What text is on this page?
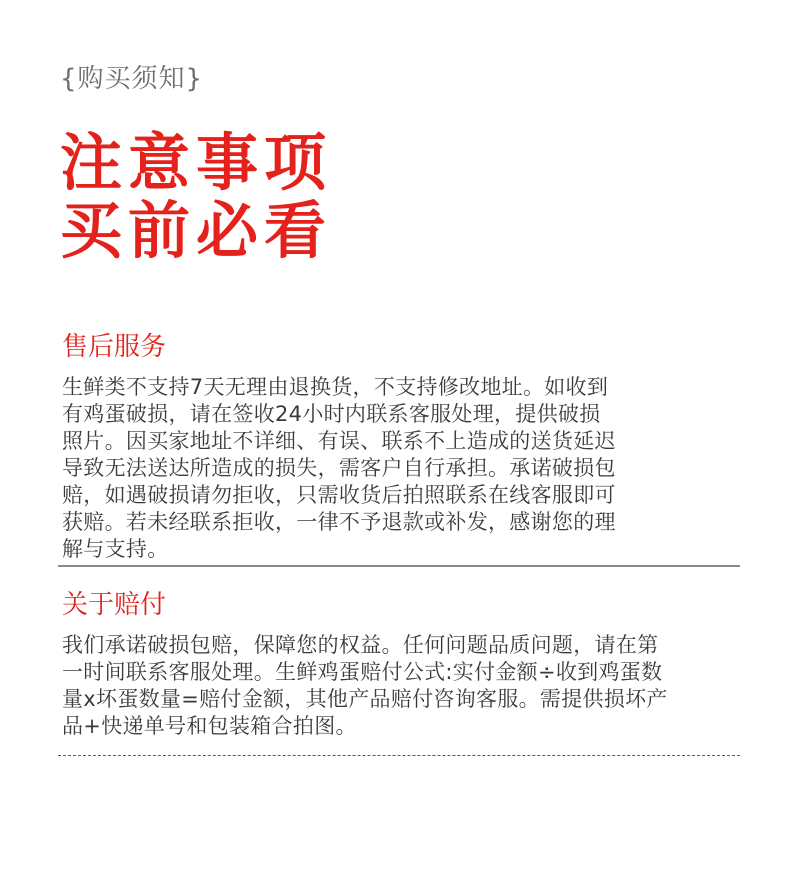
{购买须知}
注意事项
买前必看
售后服务
生鲜类不支持7天无理由退换货，不支持修改地址。如收到
有鸡蛋破损，请在签收24小时内联系客服处理，提供破损
照片。因买家地址不详细、有误、联系不上造成的送货延迟
导致无法送达所造成的损失，需客户自行承担。承诺破损包
赔，如遇破损请勿拒收，只需收货后拍照联系在线客服即可
获赔。若未经联系拒收，一律不予退款或补发，感谢您的理
解与支持。
关于赔付
我们承诺破损包赔，保障您的权益。任何问题品质问题，请在第
一时间联系客服处理。生鲜鸡蛋赔付公式:实付金额÷收到鸡蛋数
量x坏蛋数量=赔付金额，其他产品赔付咨询客服。需提供损坏产
品+快递单号和包装箱合拍图。
